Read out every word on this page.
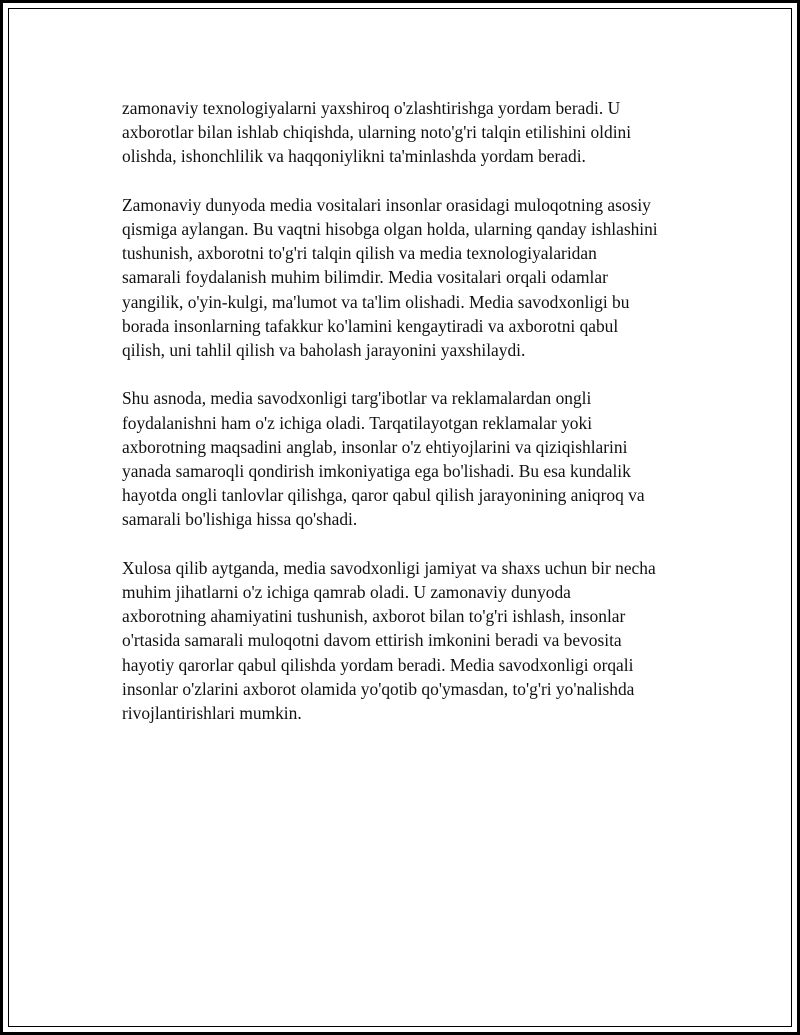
zamonaviy texnologiyalarni yaxshiroq o'zlashtirishga yordam beradi. U
axborotlar bilan ishlab chiqishda, ularning noto'g'ri talqin etilishini oldini
olishda, ishonchlilik va haqqoniylikni ta'minlashda yordam beradi.

Zamonaviy dunyoda media vositalari insonlar orasidagi muloqotning asosiy
qismiga aylangan. Bu vaqtni hisobga olgan holda, ularning qanday ishlashini
tushunish, axborotni to'g'ri talqin qilish va media texnologiyalaridan
samarali foydalanish muhim bilimdir. Media vositalari orqali odamlar
yangilik, o'yin-kulgi, ma'lumot va ta'lim olishadi. Media savodxonligi bu
borada insonlarning tafakkur ko'lamini kengaytiradi va axborotni qabul
qilish, uni tahlil qilish va baholash jarayonini yaxshilaydi.

Shu asnoda, media savodxonligi targ'ibotlar va reklamalardan ongli
foydalanishni ham o'z ichiga oladi. Tarqatilayotgan reklamalar yoki
axborotning maqsadini anglab, insonlar o'z ehtiyojlarini va qiziqishlarini
yanada samaroqli qondirish imkoniyatiga ega bo'lishadi. Bu esa kundalik
hayotda ongli tanlovlar qilishga, qaror qabul qilish jarayonining aniqroq va
samarali bo'lishiga hissa qo'shadi.

Xulosa qilib aytganda, media savodxonligi jamiyat va shaxs uchun bir necha
muhim jihatlarni o'z ichiga qamrab oladi. U zamonaviy dunyoda
axborotning ahamiyatini tushunish, axborot bilan to'g'ri ishlash, insonlar
o'rtasida samarali muloqotni davom ettirish imkonini beradi va bevosita
hayotiy qarorlar qabul qilishda yordam beradi. Media savodxonligi orqali
insonlar o'zlarini axborot olamida yo'qotib qo'ymasdan, to'g'ri yo'nalishda
rivojlantirishlari mumkin.
